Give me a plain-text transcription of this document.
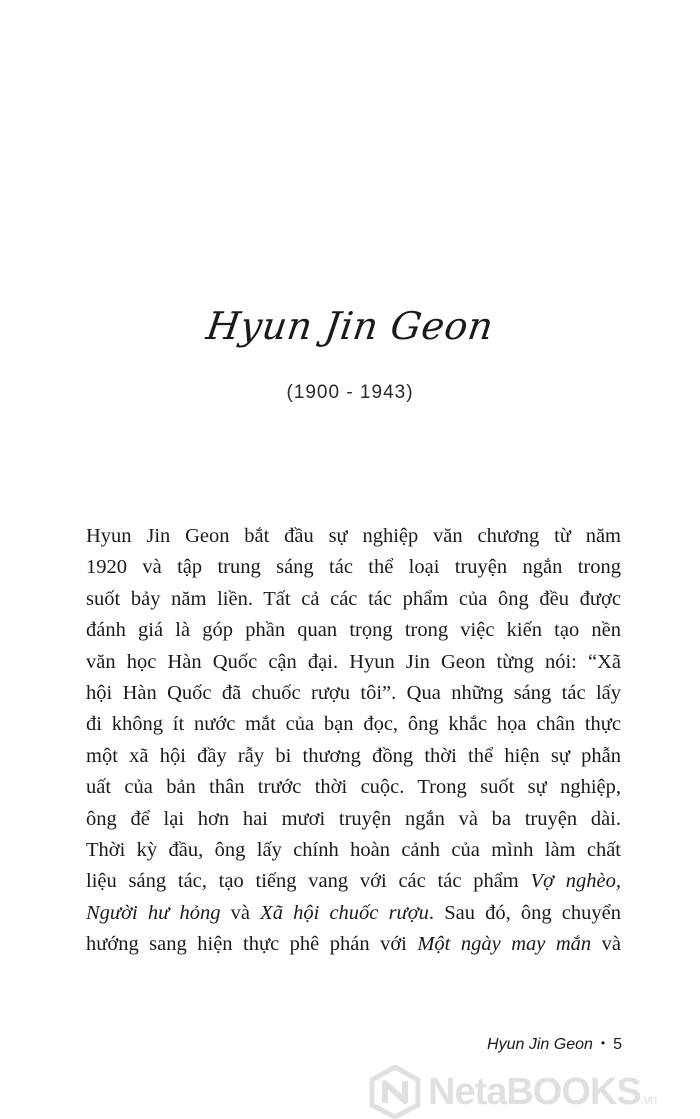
Hyun Jin Geon
(1900 - 1943)
Hyun Jin Geon bắt đầu sự nghiệp văn chương từ năm
1920 và tập trung sáng tác thể loại truyện ngắn trong
suốt bảy năm liền. Tất cả các tác phẩm của ông đều được
đánh giá là góp phần quan trọng trong việc kiến tạo nền
văn học Hàn Quốc cận đại. Hyun Jin Geon từng nói: “Xã
hội Hàn Quốc đã chuốc rượu tôi”. Qua những sáng tác lấy
đi không ít nước mắt của bạn đọc, ông khắc họa chân thực
một xã hội đầy rẫy bi thương đồng thời thể hiện sự phẫn
uất của bản thân trước thời cuộc. Trong suốt sự nghiệp,
ông để lại hơn hai mươi truyện ngắn và ba truyện dài.
Thời kỳ đầu, ông lấy chính hoàn cảnh của mình làm chất
liệu sáng tác, tạo tiếng vang với các tác phẩm Vợ nghèo,
Người hư hỏng và Xã hội chuốc rượu. Sau đó, ông chuyển
hướng sang hiện thực phê phán với Một ngày may mắn và
Hyun Jin Geon • 5
NetaBOOKS.vn
